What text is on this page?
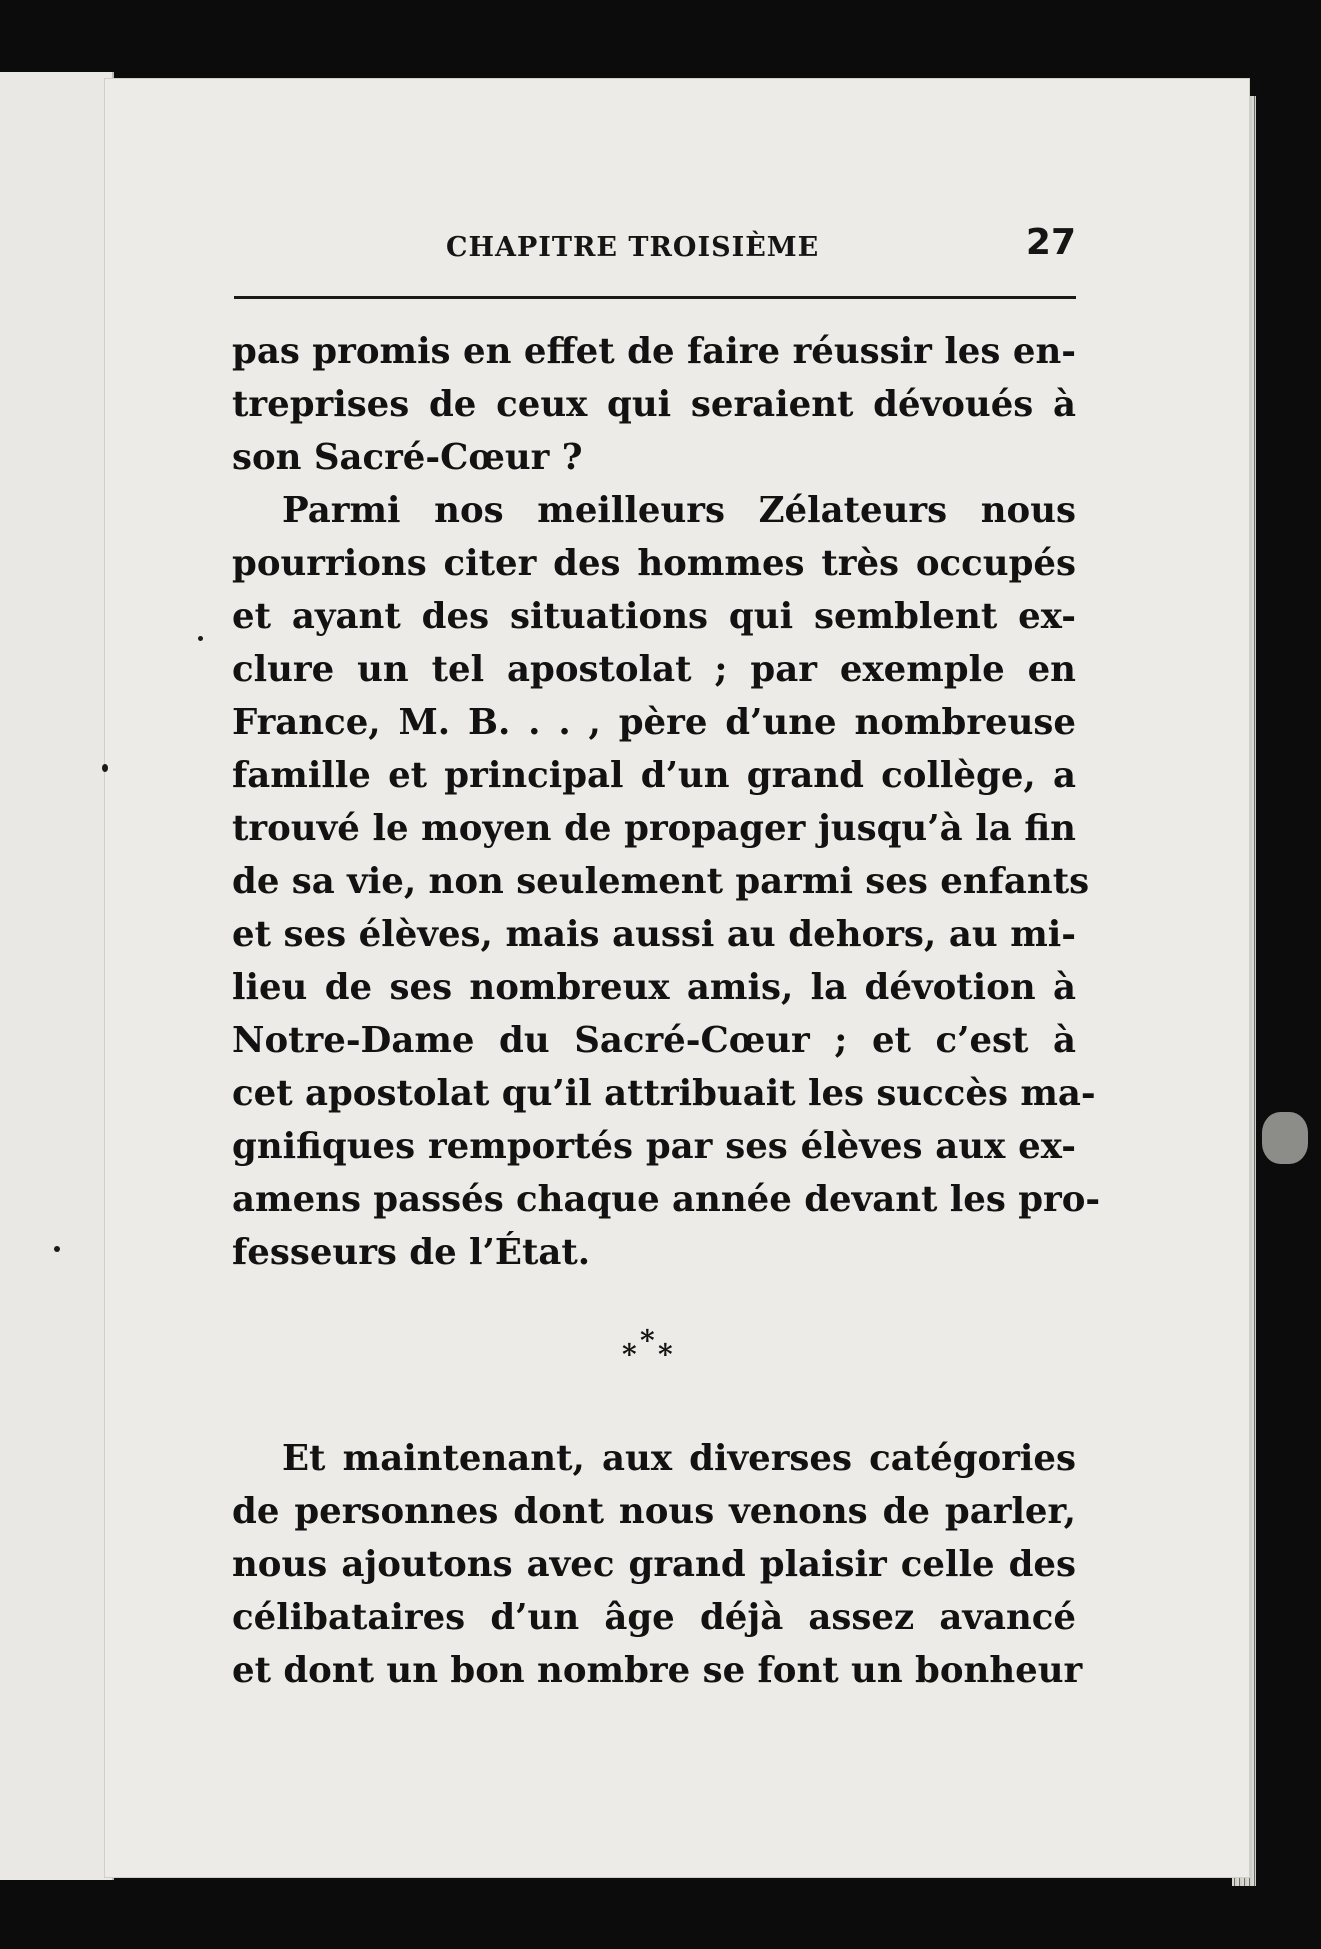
CHAPITRE TROISIÈME	27
pas promis en effet de faire réussir les en-
treprises de ceux qui seraient dévoués à
son Sacré-Cœur ?
Parmi nos meilleurs Zélateurs nous
pourrions citer des hommes très occupés
et ayant des situations qui semblent ex-
clure un tel apostolat ; par exemple en
France, M. B. . . , père d’une nombreuse
famille et principal d’un grand collège, a
trouvé le moyen de propager jusqu’à la fin
de sa vie, non seulement parmi ses enfants
et ses élèves, mais aussi au dehors, au mi-
lieu de ses nombreux amis, la dévotion à
Notre-Dame du Sacré-Cœur ; et c’est à
cet apostolat qu’il attribuait les succès ma-
gnifiques remportés par ses élèves aux ex-
amens passés chaque année devant les pro-
fesseurs de l’État.
*
* *
Et maintenant, aux diverses catégories
de personnes dont nous venons de parler,
nous ajoutons avec grand plaisir celle des
célibataires d’un âge déjà assez avancé
et dont un bon nombre se font un bonheur
